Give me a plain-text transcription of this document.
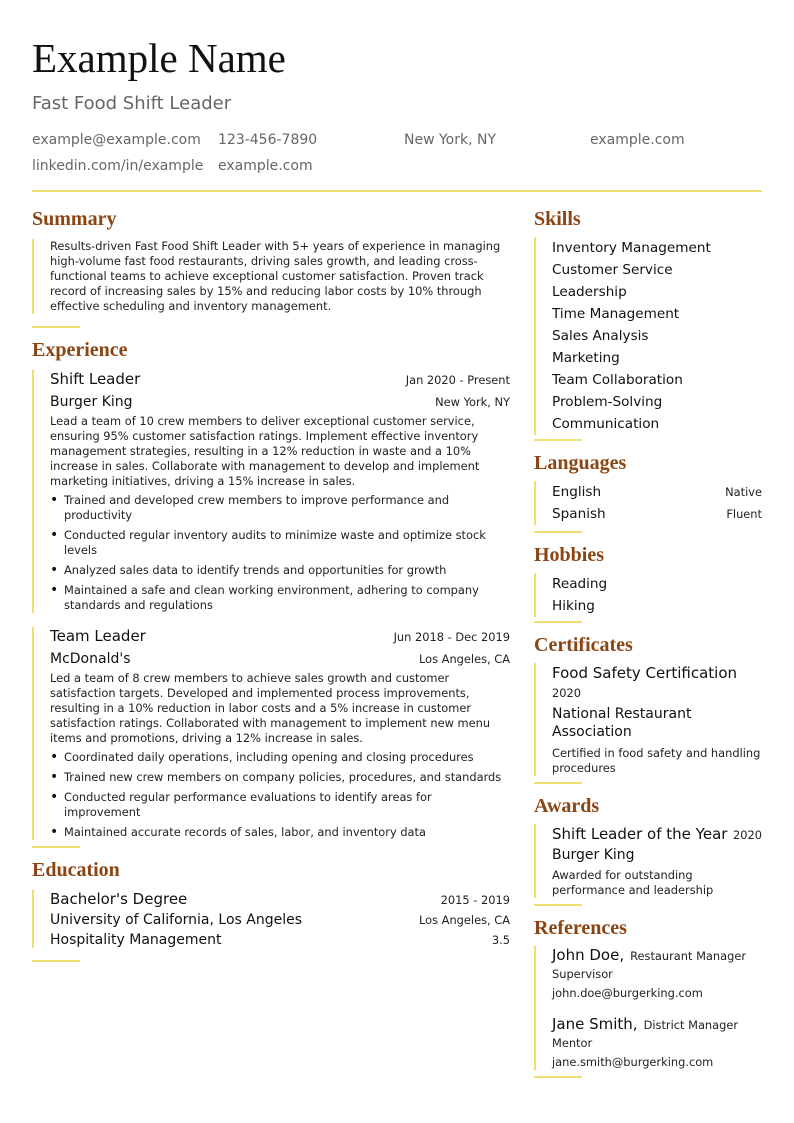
Example Name
Fast Food Shift Leader
example@example.com	123-456-7890	New York, NY	example.com
linkedin.com/in/example	example.com
Summary
Results-driven Fast Food Shift Leader with 5+ years of experience in managing high-volume fast food restaurants, driving sales growth, and leading cross-functional teams to achieve exceptional customer satisfaction. Proven track record of increasing sales by 15% and reducing labor costs by 10% through effective scheduling and inventory management.
Experience
Shift Leader	Jan 2020 - Present
Burger King	New York, NY
Lead a team of 10 crew members to deliver exceptional customer service, ensuring 95% customer satisfaction ratings. Implement effective inventory management strategies, resulting in a 12% reduction in waste and a 10% increase in sales. Collaborate with management to develop and implement marketing initiatives, driving a 15% increase in sales.
• Trained and developed crew members to improve performance and productivity
• Conducted regular inventory audits to minimize waste and optimize stock levels
• Analyzed sales data to identify trends and opportunities for growth
• Maintained a safe and clean working environment, adhering to company standards and regulations
Team Leader	Jun 2018 - Dec 2019
McDonald's	Los Angeles, CA
Led a team of 8 crew members to achieve sales growth and customer satisfaction targets. Developed and implemented process improvements, resulting in a 10% reduction in labor costs and a 5% increase in customer satisfaction ratings. Collaborated with management to implement new menu items and promotions, driving a 12% increase in sales.
• Coordinated daily operations, including opening and closing procedures
• Trained new crew members on company policies, procedures, and standards
• Conducted regular performance evaluations to identify areas for improvement
• Maintained accurate records of sales, labor, and inventory data
Education
Bachelor's Degree	2015 - 2019
University of California, Los Angeles	Los Angeles, CA
Hospitality Management	3.5
Skills
Inventory Management
Customer Service
Leadership
Time Management
Sales Analysis
Marketing
Team Collaboration
Problem-Solving
Communication
Languages
English	Native
Spanish	Fluent
Hobbies
Reading
Hiking
Certificates
Food Safety Certification
2020
National Restaurant Association
Certified in food safety and handling procedures
Awards
Shift Leader of the Year 2020
Burger King
Awarded for outstanding performance and leadership
References
John Doe, Restaurant Manager
Supervisor
john.doe@burgerking.com
Jane Smith, District Manager
Mentor
jane.smith@burgerking.com
